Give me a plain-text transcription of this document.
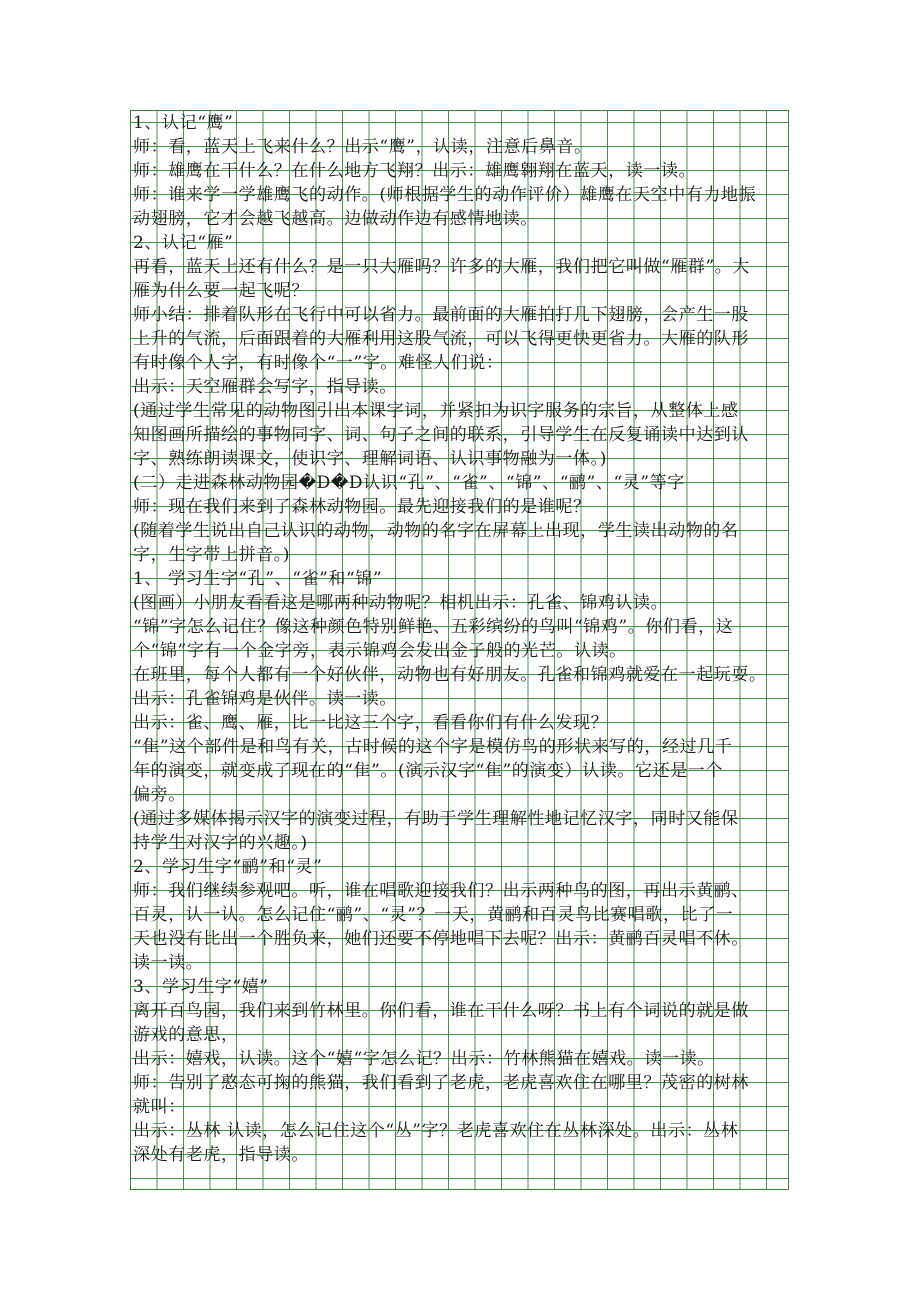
1、认记“鹰”
师：看，蓝天上飞来什么？出示“鹰”，认读，注意后鼻音。
师：雄鹰在干什么？在什么地方飞翔？出示：雄鹰翱翔在蓝天，读一读。
师：谁来学一学雄鹰飞的动作。(师根据学生的动作评价）雄鹰在天空中有力地振
动翅膀，它才会越飞越高。边做动作边有感情地读。
2、认记“雁”
再看，蓝天上还有什么？是一只大雁吗？许多的大雁，我们把它叫做“雁群”。大
雁为什么要一起飞呢？
师小结：排着队形在飞行中可以省力。最前面的大雁拍打几下翅膀，会产生一股
上升的气流，后面跟着的大雁利用这股气流，可以飞得更快更省力。大雁的队形
有时像个人字，有时像个“一”字。难怪人们说：
出示：天空雁群会写字，指导读。
(通过学生常见的动物图引出本课字词，并紧扣为识字服务的宗旨，从整体上感
知图画所描绘的事物同字、词、句子之间的联系，引导学生在反复诵读中达到认
字、熟练朗读课文，使识字、理解词语、认识事物融为一体。)
(二）走进森林动物园�D�D认识“孔”、“雀”、“锦”、“鹂”、“灵”等字
师：现在我们来到了森林动物园。最先迎接我们的是谁呢？
(随着学生说出自己认识的动物，动物的名字在屏幕上出现，学生读出动物的名
字，生字带上拼音。)
1、 学习生字“孔”、“雀”和“锦”
(图画）小朋友看看这是哪两种动物呢？相机出示：孔雀、锦鸡认读。
“锦”字怎么记住？像这种颜色特别鲜艳、五彩缤纷的鸟叫“锦鸡”。你们看，这
个“锦”字有一个金字旁，表示锦鸡会发出金子般的光芒。认读。
在班里，每个人都有一个好伙伴，动物也有好朋友。孔雀和锦鸡就爱在一起玩耍。
出示：孔雀锦鸡是伙伴。读一读。
出示：雀、鹰、雁，比一比这三个字，看看你们有什么发现？
“隹”这个部件是和鸟有关，古时候的这个字是模仿鸟的形状来写的，经过几千
年的演变，就变成了现在的“隹”。(演示汉字“隹”的演变）认读。它还是一个
偏旁。
(通过多媒体揭示汉字的演变过程，有助于学生理解性地记忆汉字，同时又能保
持学生对汉字的兴趣。)
2、学习生字“鹂”和“灵”
师：我们继续参观吧。听，谁在唱歌迎接我们？出示两种鸟的图，再出示黄鹂、
百灵，认一认。怎么记住“鹂”、“灵”？一天，黄鹂和百灵鸟比赛唱歌，比了一
天也没有比出一个胜负来，她们还要不停地唱下去呢？出示：黄鹂百灵唱不休。
读一读。
3、学习生字“嬉”
离开百鸟园，我们来到竹林里。你们看，谁在干什么呀？书上有个词说的就是做
游戏的意思，
出示：嬉戏，认读。这个“嬉“字怎么记？出示：竹林熊猫在嬉戏。读一读。
师：告别了憨态可掬的熊猫，我们看到了老虎，老虎喜欢住在哪里？茂密的树林
就叫：
出示：丛林 认读，怎么记住这个“丛”字？老虎喜欢住在丛林深处。出示：丛林
深处有老虎，指导读。
